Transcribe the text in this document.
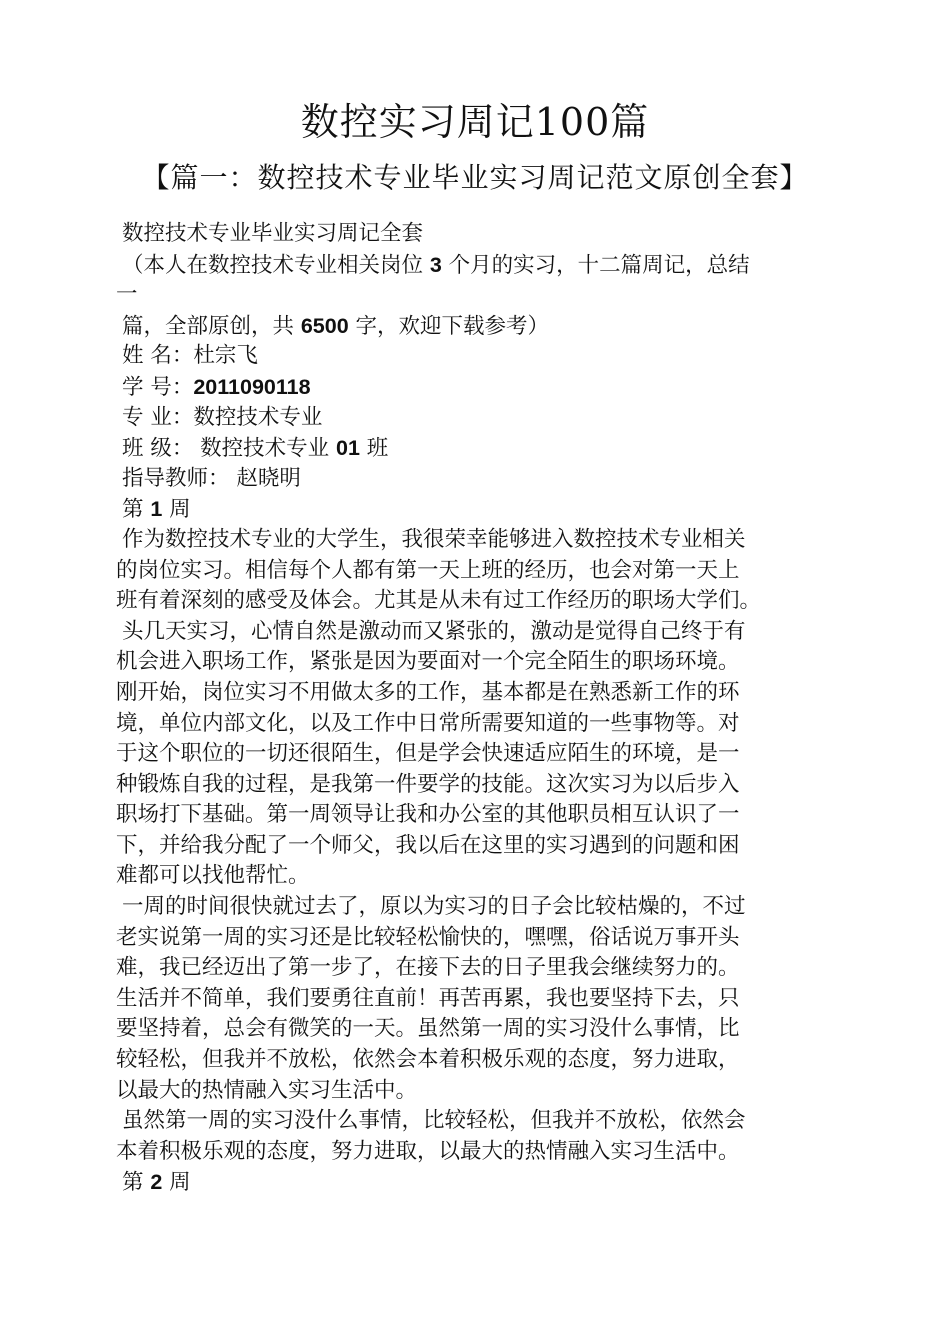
数控实习周记100篇
【篇一：数控技术专业毕业实习周记范文原创全套】
数控技术专业毕业实习周记全套
（本人在数控技术专业相关岗位 3 个月的实习，十二篇周记，总结
一
篇，全部原创，共 6500 字，欢迎下载参考）
姓 名：杜宗飞
学 号：2011090118
专 业：数控技术专业
班 级： 数控技术专业 01 班
指导教师： 赵晓明
第 1 周
作为数控技术专业的大学生，我很荣幸能够进入数控技术专业相关
的岗位实习。相信每个人都有第一天上班的经历，也会对第一天上
班有着深刻的感受及体会。尤其是从未有过工作经历的职场大学们。
头几天实习，心情自然是激动而又紧张的，激动是觉得自己终于有
机会进入职场工作，紧张是因为要面对一个完全陌生的职场环境。
刚开始，岗位实习不用做太多的工作，基本都是在熟悉新工作的环
境，单位内部文化，以及工作中日常所需要知道的一些事物等。对
于这个职位的一切还很陌生，但是学会快速适应陌生的环境，是一
种锻炼自我的过程，是我第一件要学的技能。这次实习为以后步入
职场打下基础。第一周领导让我和办公室的其他职员相互认识了一
下，并给我分配了一个师父，我以后在这里的实习遇到的问题和困
难都可以找他帮忙。
一周的时间很快就过去了，原以为实习的日子会比较枯燥的，不过
老实说第一周的实习还是比较轻松愉快的，嘿嘿，俗话说万事开头
难，我已经迈出了第一步了，在接下去的日子里我会继续努力的。
生活并不简单，我们要勇往直前！再苦再累，我也要坚持下去，只
要坚持着，总会有微笑的一天。虽然第一周的实习没什么事情，比
较轻松，但我并不放松，依然会本着积极乐观的态度，努力进取，
以最大的热情融入实习生活中。
虽然第一周的实习没什么事情，比较轻松，但我并不放松，依然会
本着积极乐观的态度，努力进取，以最大的热情融入实习生活中。
第 2 周
